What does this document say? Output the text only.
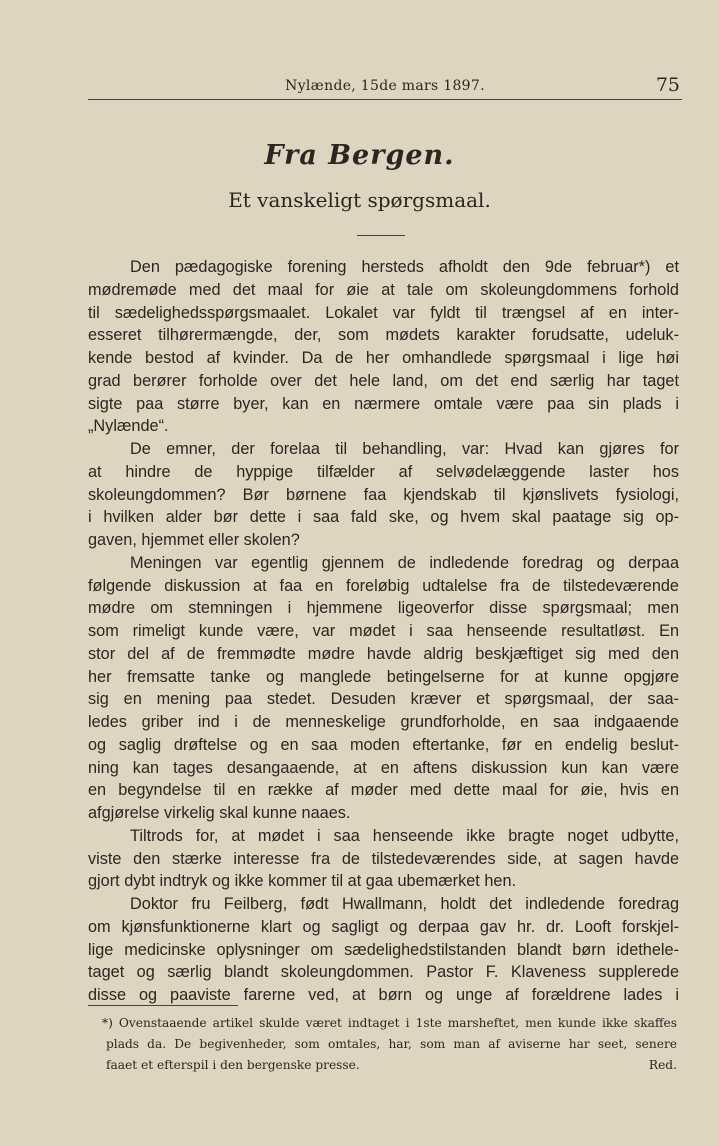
Nylænde, 15de mars 1897.	75
Fra Bergen.
Et vanskeligt spørgsmaal.
Den pædagogiske forening hersteds afholdt den 9de februar*) et
mødremøde med det maal for øie at tale om skoleungdommens forhold
til sædelighedsspørgsmaalet. Lokalet var fyldt til trængsel af en inter-
esseret tilhørermængde, der, som mødets karakter forudsatte, udeluk-
kende bestod af kvinder. Da de her omhandlede spørgsmaal i lige høi
grad berører forholde over det hele land, om det end særlig har taget
sigte paa større byer, kan en nærmere omtale være paa sin plads i
„Nylænde“.
De emner, der forelaa til behandling, var: Hvad kan gjøres for
at hindre de hyppige tilfælder af selvødelæggende laster hos
skoleungdommen? Bør børnene faa kjendskab til kjønslivets fysiologi,
i hvilken alder bør dette i saa fald ske, og hvem skal paatage sig op-
gaven, hjemmet eller skolen?
Meningen var egentlig gjennem de indledende foredrag og derpaa
følgende diskussion at faa en foreløbig udtalelse fra de tilstedeværende
mødre om stemningen i hjemmene ligeoverfor disse spørgsmaal; men
som rimeligt kunde være, var mødet i saa henseende resultatløst. En
stor del af de fremmødte mødre havde aldrig beskjæftiget sig med den
her fremsatte tanke og manglede betingelserne for at kunne opgjøre
sig en mening paa stedet. Desuden kræver et spørgsmaal, der saa-
ledes griber ind i de menneskelige grundforholde, en saa indgaaende
og saglig drøftelse og en saa moden eftertanke, før en endelig beslut-
ning kan tages desangaaende, at en aftens diskussion kun kan være
en begyndelse til en række af møder med dette maal for øie, hvis en
afgjørelse virkelig skal kunne naaes.
Tiltrods for, at mødet i saa henseende ikke bragte noget udbytte,
viste den stærke interesse fra de tilstedeværendes side, at sagen havde
gjort dybt indtryk og ikke kommer til at gaa ubemærket hen.
Doktor fru Feilberg, født Hwallmann, holdt det indledende foredrag
om kjønsfunktionerne klart og sagligt og derpaa gav hr. dr. Looft forskjel-
lige medicinske oplysninger om sædelighedstilstanden blandt børn idethele-
taget og særlig blandt skoleungdommen. Pastor F. Klaveness supplerede
disse og paaviste farerne ved, at børn og unge af forældrene lades i
*) Ovenstaaende artikel skulde været indtaget i 1ste marsheftet, men kunde ikke skaffes
plads da. De begivenheder, som omtales, har, som man af aviserne har seet, senere
faaet et efterspil i den bergenske presse.	Red.
